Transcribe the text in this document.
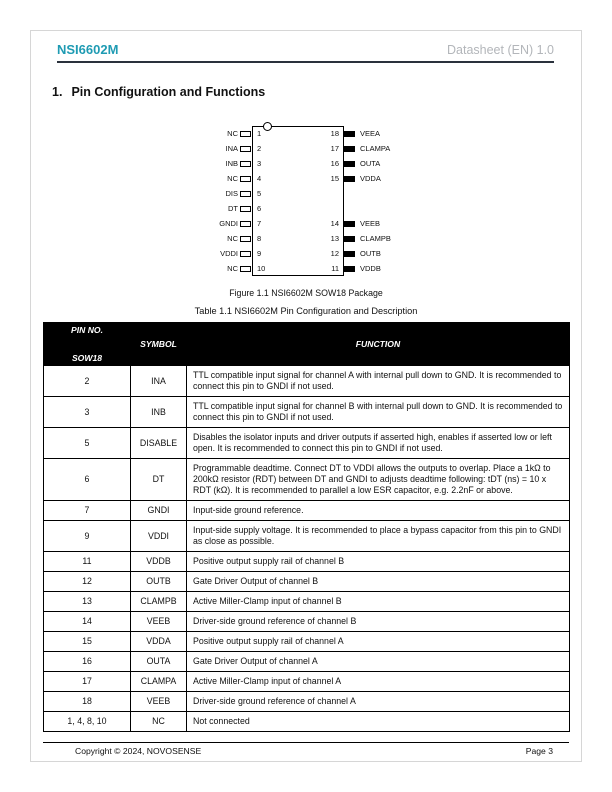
NSI6602M	Datasheet (EN) 1.0
1. Pin Configuration and Functions
NC	1
INA	2
INB	3
NC	4
DIS	5
DT	6
GNDI	7
NC	8
VDDI	9
NC	10
VEEA
18
CLAMPA
17
OUTA
16
VDDA
15
VEEB
14
CLAMPB
13
OUTB
12
VDDB
11
Figure 1.1 NSI6602M SOW18 Package
Table 1.1 NSI6602M Pin Configuration and Description
PIN NO.
SOW18	SYMBOL	FUNCTION
2	INA	TTL compatible input signal for channel A with internal pull down to GND. It is recommended to connect this pin to GNDI if not used.
3	INB	TTL compatible input signal for channel B with internal pull down to GND. It is recommended to connect this pin to GNDI if not used.
5	DISABLE	Disables the isolator inputs and driver outputs if asserted high, enables if asserted low or left open. It is recommended to connect this pin to GNDI if not used.
6	DT	Programmable deadtime. Connect DT to VDDI allows the outputs to overlap. Place a 1kΩ to 200kΩ resistor (RDT) between DT and GNDI to adjusts deadtime following: tDT (ns) = 10 x RDT (kΩ). It is recommended to parallel a low ESR capacitor, e.g. 2.2nF or above.
7	GNDI	Input-side ground reference.
9	VDDI	Input-side supply voltage. It is recommended to place a bypass capacitor from this pin to GNDI as close as possible.
11	VDDB	Positive output supply rail of channel B
12	OUTB	Gate Driver Output of channel B
13	CLAMPB	Active Miller-Clamp input of channel B
14	VEEB	Driver-side ground reference of channel B
15	VDDA	Positive output supply rail of channel A
16	OUTA	Gate Driver Output of channel A
17	CLAMPA	Active Miller-Clamp input of channel A
18	VEEB	Driver-side ground reference of channel A
1, 4, 8, 10	NC	Not connected
Copyright © 2024, NOVOSENSE	Page 3
